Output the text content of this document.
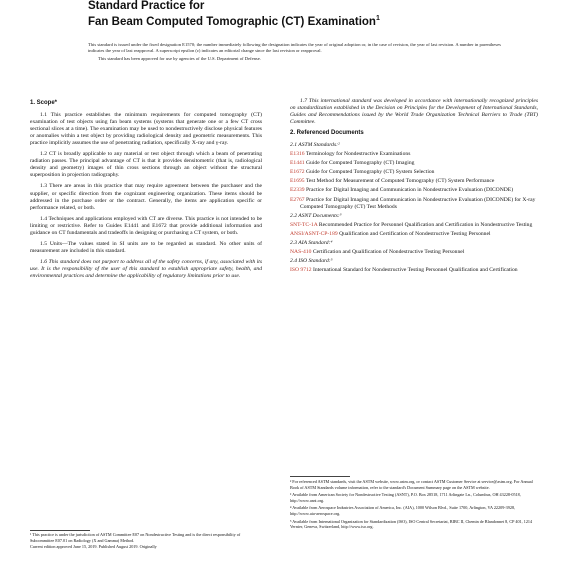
Standard Practice for
Fan Beam Computed Tomographic (CT) Examination$^1$

This standard is issued under the fixed designation E1570; the number immediately following the designation indicates the year of original adoption or, in the case of revision, the year of last revision. A number in parentheses indicates the year of last reapproval. A superscript epsilon (ε) indicates an editorial change since the last revision or reapproval.

This standard has been approved for use by agencies of the U.S. Department of Defense.

1. Scope*

1.1 This practice establishes the minimum requirements for computed tomography (CT) examination of test objects using fan beam systems (systems that generate one or a few CT cross sectional slices at a time). The examination may be used to nondestructively disclose physical features or anomalies within a test object by providing radiological density and geometric measurements. This practice implicitly assumes the use of penetrating radiation, specifically X-ray and γ-ray.

1.2 CT is broadly applicable to any material or test object through which a beam of penetrating radiation passes. The principal advantage of CT is that it provides densitometric (that is, radiological density and geometry) images of thin cross sections through an object without the structural superposition in projection radiography.

1.3 There are areas in this practice that may require agreement between the purchaser and the supplier, or specific direction from the cognizant engineering organization. These items should be addressed in the purchase order or the contract. Generally, the items are application specific or performance related, or both.

1.4 Techniques and applications employed with CT are diverse. This practice is not intended to be limiting or restrictive. Refer to Guides E1441 and E1672 that provide additional information and guidance on CT fundamentals and tradeoffs in designing or purchasing a CT system, or both.

1.5 Units—The values stated in SI units are to be regarded as standard. No other units of measurement are included in this standard.

1.6 This standard does not purport to address all of the safety concerns, if any, associated with its use. It is the responsibility of the user of this standard to establish appropriate safety, health, and environmental practices and determine the applicability of regulatory limitations prior to use.

¹ This practice is under the jurisdiction of ASTM Committee E07 on Nondestructive Testing and is the direct responsibility of Subcommittee E07.01 on Radiology (X and Gamma) Method.

Current edition approved June 15, 2019. Published August 2019. Originally

1.7 This international standard was developed in accordance with internationally recognized principles on standardization established in the Decision on Principles for the Development of International Standards, Guides and Recommendations issued by the World Trade Organization Technical Barriers to Trade (TBT) Committee.

2. Referenced Documents
2.1 ASTM Standards:²
E1316 Terminology for Nondestructive Examinations
E1441 Guide for Computed Tomography (CT) Imaging
E1672 Guide for Computed Tomography (CT) System Selection
E1695 Test Method for Measurement of Computed Tomography (CT) System Performance
E2339 Practice for Digital Imaging and Communication in Nondestructive Evaluation (DICONDE)
E2767 Practice for Digital Imaging and Communication in Nondestructive Evaluation (DICONDE) for X-ray Computed Tomography (CT) Test Methods
2.2 ASNT Documents:³
SNT-TC-1A Recommended Practice for Personnel Qualification and Certification in Nondestructive Testing
ANSI/ASNT-CP-189 Qualification and Certification of Nondestructive Testing Personnel
2.3 AIA Standard:⁴
NAS-410 Certification and Qualification of Nondestructive Testing Personnel
2.4 ISO Standard:⁵
ISO 9712 International Standard for Nondestructive Testing Personnel Qualification and Certification

² For referenced ASTM standards, visit the ASTM website, www.astm.org, or contact ASTM Customer Service at service@astm.org. For Annual Book of ASTM Standards volume information, refer to the standard's Document Summary page on the ASTM website.

³ Available from American Society for Nondestructive Testing (ASNT), P.O. Box 28518, 1711 Arlingate Ln., Columbus, OH 43228-0518, http://www.asnt.org.

⁴ Available from Aerospace Industries Association of America, Inc. (AIA), 1000 Wilson Blvd., Suite 1700, Arlington, VA 22209-3928, http://www.aia-aerospace.org.

⁵ Available from International Organization for Standardization (ISO), ISO Central Secretariat, BIBC II, Chemin de Blandonnet 8, CP 401, 1214 Vernier, Geneva, Switzerland, http://www.iso.org.
